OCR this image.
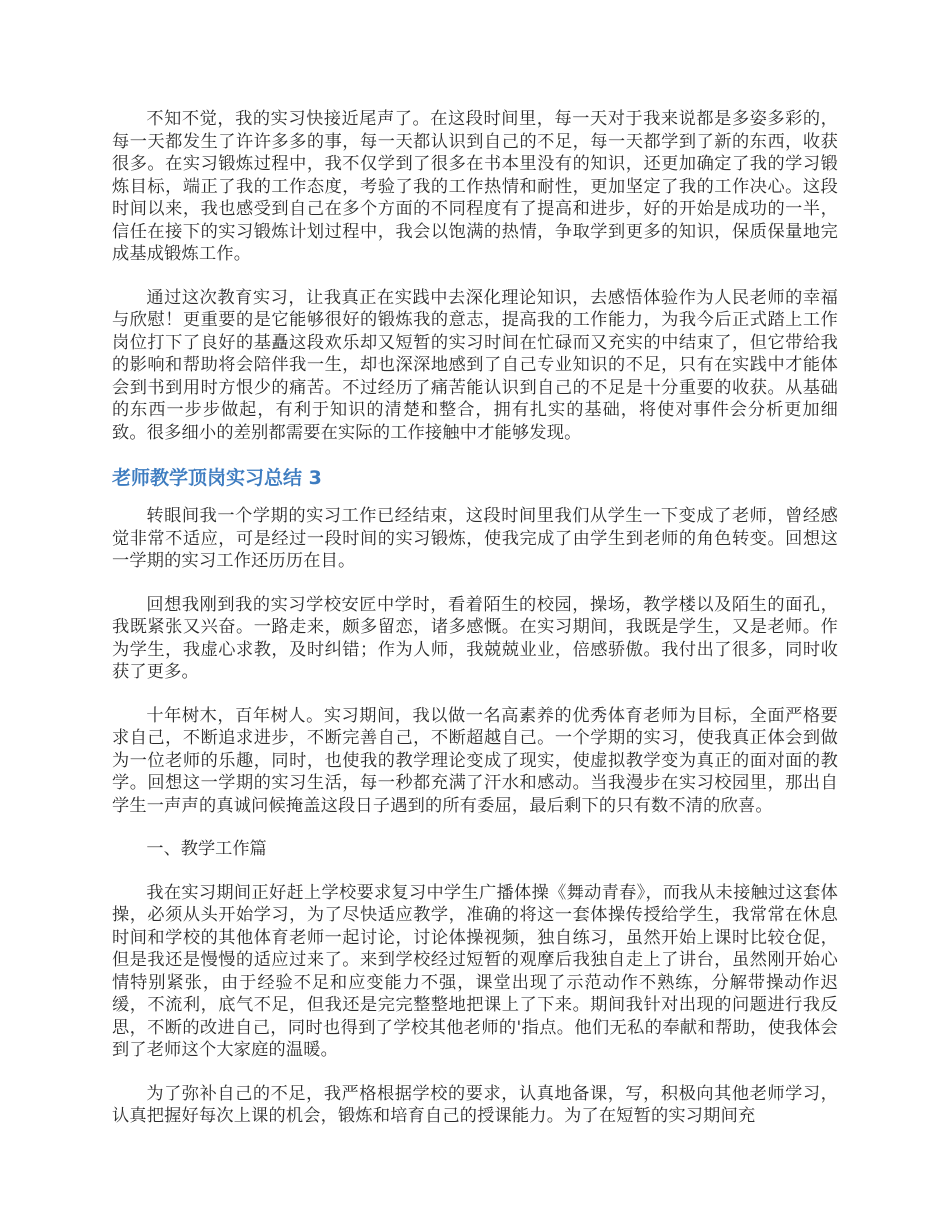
不知不觉，我的实习快接近尾声了。在这段时间里，每一天对于我来说都是多姿多彩的，每一天都发生了许许多多的事，每一天都认识到自己的不足，每一天都学到了新的东西，收获很多。在实习锻炼过程中，我不仅学到了很多在书本里没有的知识，还更加确定了我的学习锻炼目标，端正了我的工作态度，考验了我的工作热情和耐性，更加坚定了我的工作决心。这段时间以来，我也感受到自己在多个方面的不同程度有了提高和进步，好的开始是成功的一半，信任在接下的实习锻炼计划过程中，我会以饱满的热情，争取学到更多的知识，保质保量地完成基成锻炼工作。

通过这次教育实习，让我真正在实践中去深化理论知识，去感悟体验作为人民老师的幸福与欣慰！更重要的是它能够很好的锻炼我的意志，提高我的工作能力，为我今后正式踏上工作岗位打下了良好的基矗这段欢乐却又短暂的实习时间在忙碌而又充实的中结束了，但它带给我的影响和帮助将会陪伴我一生，却也深深地感到了自己专业知识的不足，只有在实践中才能体会到书到用时方恨少的痛苦。不过经历了痛苦能认识到自己的不足是十分重要的收获。从基础的东西一步步做起，有利于知识的清楚和整合，拥有扎实的基础，将使对事件会分析更加细致。很多细小的差别都需要在实际的工作接触中才能够发现。

老师教学顶岗实习总结 3

转眼间我一个学期的实习工作已经结束，这段时间里我们从学生一下变成了老师，曾经感觉非常不适应，可是经过一段时间的实习锻炼，使我完成了由学生到老师的角色转变。回想这一学期的实习工作还历历在目。

回想我刚到我的实习学校安匠中学时，看着陌生的校园，操场，教学楼以及陌生的面孔，我既紧张又兴奋。一路走来，颇多留恋，诸多感慨。在实习期间，我既是学生，又是老师。作为学生，我虚心求教，及时纠错；作为人师，我兢兢业业，倍感骄傲。我付出了很多，同时收获了更多。

十年树木，百年树人。实习期间，我以做一名高素养的优秀体育老师为目标，全面严格要求自己，不断追求进步，不断完善自己，不断超越自己。一个学期的实习，使我真正体会到做为一位老师的乐趣，同时，也使我的教学理论变成了现实，使虚拟教学变为真正的面对面的教学。回想这一学期的实习生活，每一秒都充满了汗水和感动。当我漫步在实习校园里，那出自学生一声声的真诚问候掩盖这段日子遇到的所有委屈，最后剩下的只有数不清的欣喜。

一、教学工作篇

我在实习期间正好赶上学校要求复习中学生广播体操《舞动青春》，而我从未接触过这套体操，必须从头开始学习，为了尽快适应教学，准确的将这一套体操传授给学生，我常常在休息时间和学校的其他体育老师一起讨论，讨论体操视频，独自练习，虽然开始上课时比较仓促，但是我还是慢慢的适应过来了。来到学校经过短暂的观摩后我独自走上了讲台，虽然刚开始心情特别紧张，由于经验不足和应变能力不强，课堂出现了示范动作不熟练，分解带操动作迟缓，不流利，底气不足，但我还是完完整整地把课上了下来。期间我针对出现的问题进行我反思，不断的改进自己，同时也得到了学校其他老师的'指点。他们无私的奉献和帮助，使我体会到了老师这个大家庭的温暖。

为了弥补自己的不足，我严格根据学校的要求，认真地备课，写，积极向其他老师学习，认真把握好每次上课的机会，锻炼和培育自己的授课能力。为了在短暂的实习期间充
